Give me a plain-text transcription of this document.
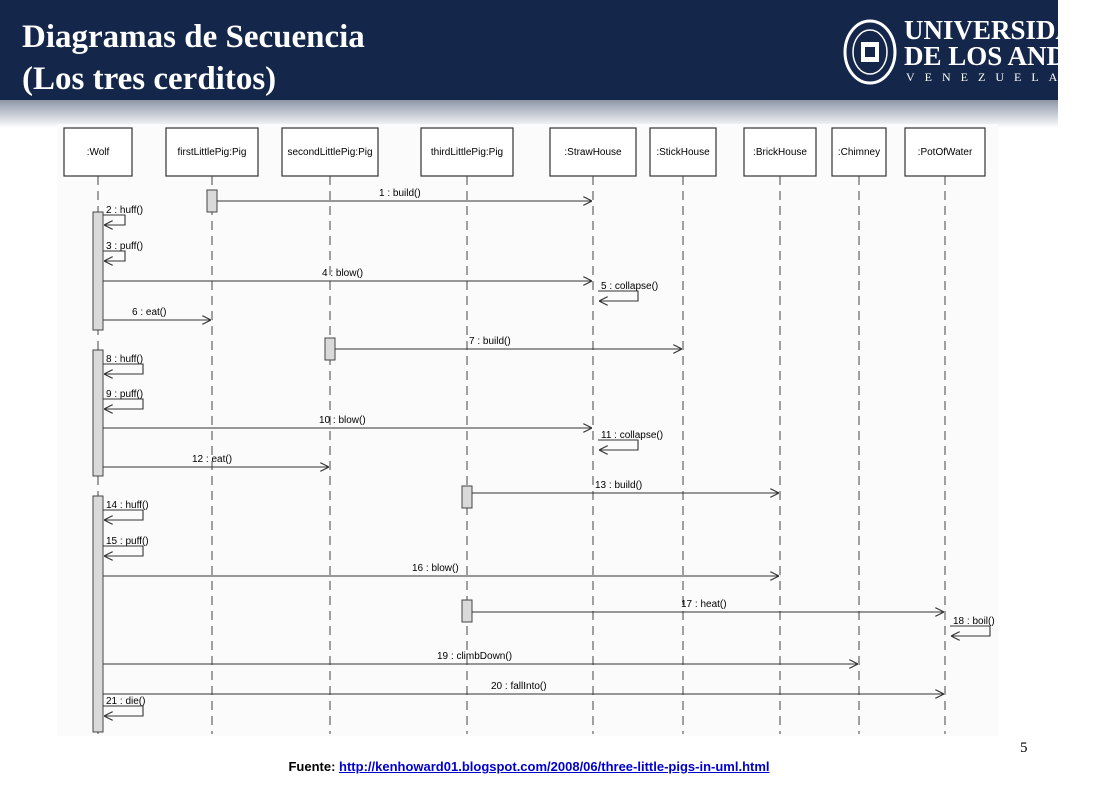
Diagramas de Secuencia
(Los tres cerditos)
UNIVERSIDAD
DE LOS ANDES
VENEZUELA
:Wolf	firstLittlePig:Pig	secondLittlePig:Pig	thirdLittlePig:Pig	:StrawHouse	:StickHouse	:BrickHouse	:Chimney	:PotOfWater
1 : build()
2 : huff()
3 : puff()
4 : blow()
5 : collapse()
6 : eat()
7 : build()
8 : huff()
9 : puff()
10 : blow()
11 : collapse()
12 : eat()
13 : build()
14 : huff()
15 : puff()
16 : blow()
17 : heat()
18 : boil()
19 : climbDown()
20 : fallInto()
21 : die()
Fuente: http://kenhoward01.blogspot.com/2008/06/three-little-pigs-in-uml.html
5
